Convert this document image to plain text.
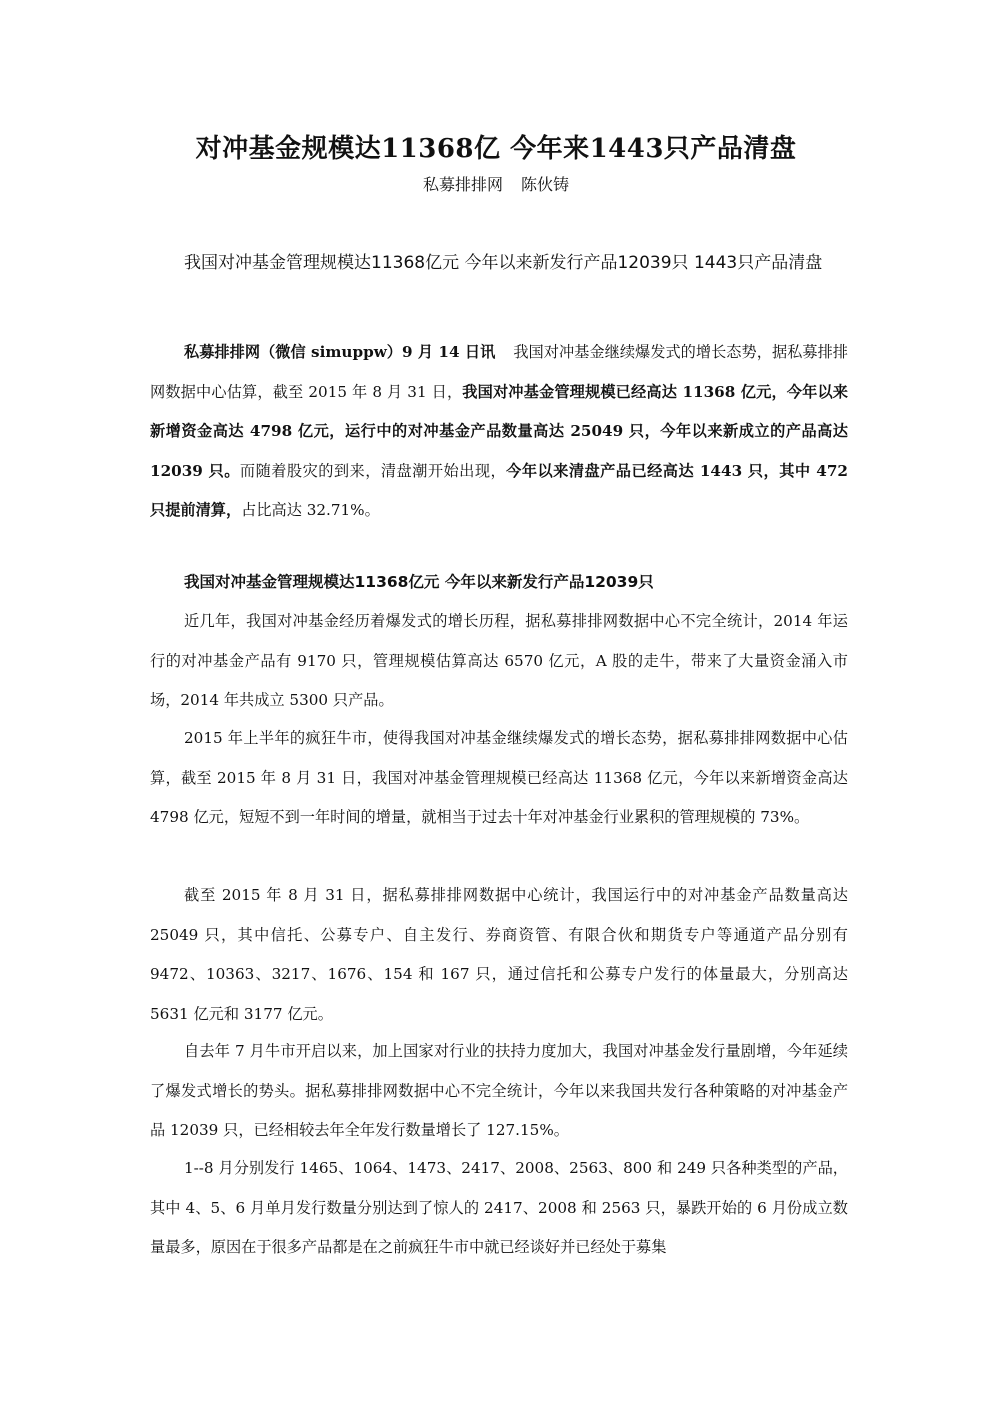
对冲基金规模达11368亿 今年来1443只产品清盘
私募排排网 陈伙铸
我国对冲基金管理规模达11368亿元 今年以来新发行产品12039只 1443只产品清盘
私募排排网（微信 simuppw）9 月 14 日讯 我国对冲基金继续爆发式的增长态势，据私募排排网数据中心估算，截至 2015 年 8 月 31 日，我国对冲基金管理规模已经高达 11368 亿元，今年以来新增资金高达 4798 亿元，运行中的对冲基金产品数量高达 25049 只，今年以来新成立的产品高达 12039 只。而随着股灾的到来，清盘潮开始出现，今年以来清盘产品已经高达 1443 只，其中 472 只提前清算，占比高达 32.71%。
我国对冲基金管理规模达11368亿元 今年以来新发行产品12039只
近几年，我国对冲基金经历着爆发式的增长历程，据私募排排网数据中心不完全统计，2014 年运行的对冲基金产品有 9170 只，管理规模估算高达 6570 亿元，A 股的走牛，带来了大量资金涌入市场，2014 年共成立 5300 只产品。
2015 年上半年的疯狂牛市，使得我国对冲基金继续爆发式的增长态势，据私募排排网数据中心估算，截至 2015 年 8 月 31 日，我国对冲基金管理规模已经高达 11368 亿元，今年以来新增资金高达 4798 亿元，短短不到一年时间的增量，就相当于过去十年对冲基金行业累积的管理规模的 73%。
截至 2015 年 8 月 31 日，据私募排排网数据中心统计，我国运行中的对冲基金产品数量高达 25049 只，其中信托、公募专户、自主发行、券商资管、有限合伙和期货专户等通道产品分别有 9472、10363、3217、1676、154 和 167 只，通过信托和公募专户发行的体量最大，分别高达 5631 亿元和 3177 亿元。
自去年 7 月牛市开启以来，加上国家对行业的扶持力度加大，我国对冲基金发行量剧增，今年延续了爆发式增长的势头。据私募排排网数据中心不完全统计，今年以来我国共发行各种策略的对冲基金产品 12039 只，已经相较去年全年发行数量增长了 127.15%。
1--8 月分别发行 1465、1064、1473、2417、2008、2563、800 和 249 只各种类型的产品，其中 4、5、6 月单月发行数量分别达到了惊人的 2417、2008 和 2563 只，暴跌开始的 6 月份成立数量最多，原因在于很多产品都是在之前疯狂牛市中就已经谈好并已经处于募集
